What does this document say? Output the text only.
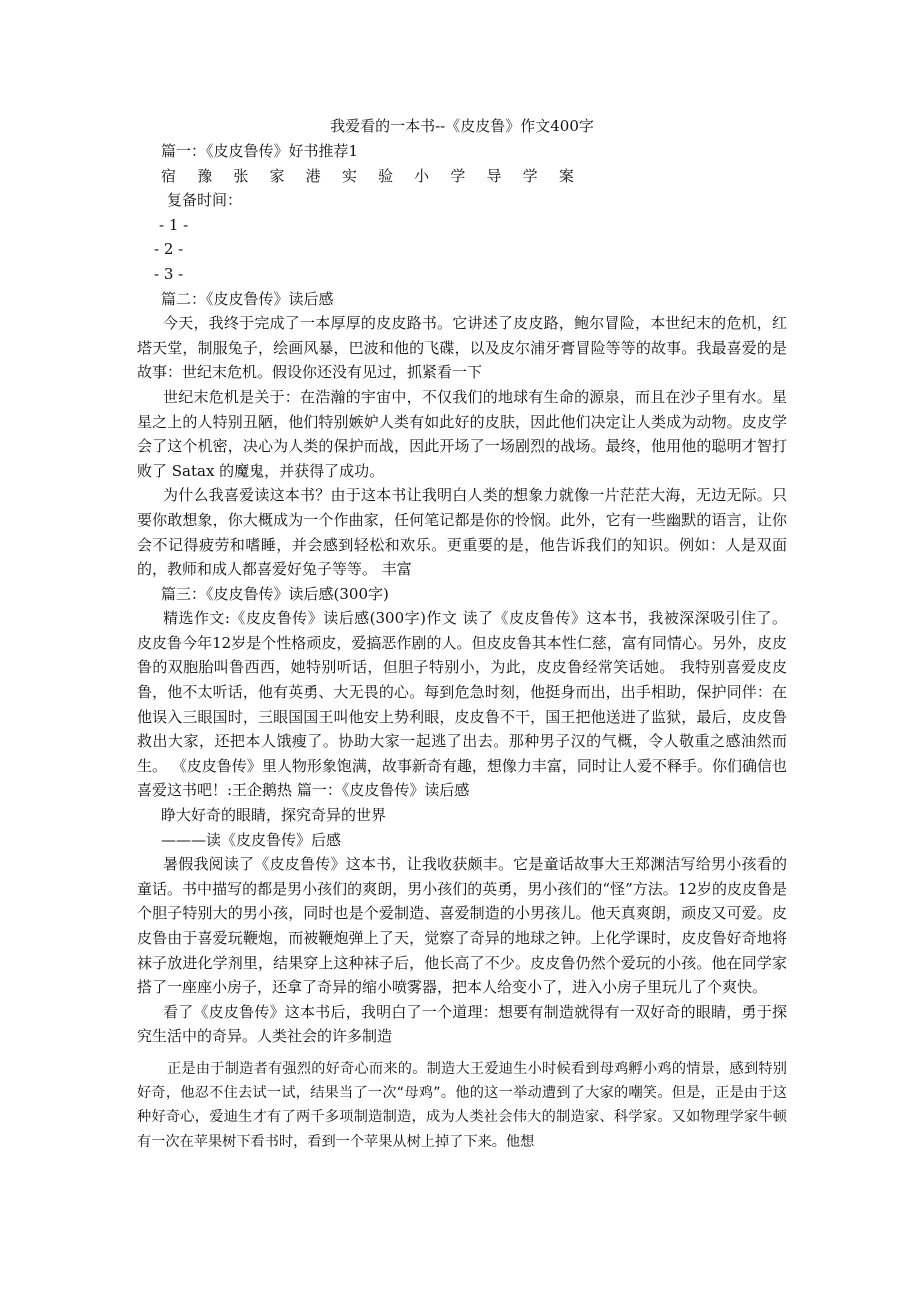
我爱看的一本书--《皮皮鲁》作文400字

篇一：《皮皮鲁传》好书推荐1

宿 豫 张 家 港 实 验 小 学 导 学 案

复备时间：

- 1 -

- 2 -

- 3 -

篇二：《皮皮鲁传》读后感

今天，我终于完成了一本厚厚的皮皮路书。它讲述了皮皮路，鲍尔冒险，本世纪末的危机，红塔天堂，制服兔子，绘画风暴，巴波和他的飞碟，以及皮尔浦牙膏冒险等等的故事。我最喜爱的是故事：世纪末危机。假设你还没有见过，抓紧看一下

世纪末危机是关于：在浩瀚的宇宙中，不仅我们的地球有生命的源泉，而且在沙子里有水。星星之上的人特别丑陋，他们特别嫉妒人类有如此好的皮肤，因此他们决定让人类成为动物。皮皮学会了这个机密，决心为人类的保护而战，因此开场了一场剧烈的战场。最终，他用他的聪明才智打败了 Satax 的魔鬼，并获得了成功。

为什么我喜爱读这本书？由于这本书让我明白人类的想象力就像一片茫茫大海，无边无际。只要你敢想象，你大概成为一个作曲家，任何笔记都是你的怜悯。此外，它有一些幽默的语言，让你会不记得疲劳和嗜睡，并会感到轻松和欢乐。更重要的是，他告诉我们的知识。例如：人是双面的，教师和成人都喜爱好兔子等等。 丰富

篇三：《皮皮鲁传》读后感(300字)

精选作文:《皮皮鲁传》读后感(300字)作文 读了《皮皮鲁传》这本书，我被深深吸引住了。 皮皮鲁今年12岁是个性格顽皮，爱搞恶作剧的人。但皮皮鲁其本性仁慈，富有同情心。另外，皮皮鲁的双胞胎叫鲁西西，她特别听话，但胆子特别小，为此，皮皮鲁经常笑话她。 我特别喜爱皮皮鲁，他不太听话，他有英勇、大无畏的心。每到危急时刻，他挺身而出，出手相助，保护同伴：在他误入三眼国时，三眼国国王叫他安上势利眼，皮皮鲁不干，国王把他送进了监狱，最后，皮皮鲁救出大家，还把本人饿瘦了。协助大家一起逃了出去。那种男子汉的气概，令人敬重之感油然而生。 《皮皮鲁传》里人物形象饱满，故事新奇有趣，想像力丰富，同时让人爱不释手。你们确信也喜爱这书吧！:王企鹅热 篇一：《皮皮鲁传》读后感

睁大好奇的眼睛，探究奇异的世界

———读《皮皮鲁传》后感

暑假我阅读了《皮皮鲁传》这本书，让我收获颇丰。它是童话故事大王郑渊洁写给男小孩看的童话。书中描写的都是男小孩们的爽朗，男小孩们的英勇，男小孩们的“怪”方法。12岁的皮皮鲁是个胆子特别大的男小孩，同时也是个爱制造、喜爱制造的小男孩儿。他天真爽朗，顽皮又可爱。皮皮鲁由于喜爱玩鞭炮，而被鞭炮弹上了天，觉察了奇异的地球之钟。上化学课时，皮皮鲁好奇地将袜子放进化学剂里，结果穿上这种袜子后，他长高了不少。皮皮鲁仍然个爱玩的小孩。他在同学家搭了一座座小房子，还拿了奇异的缩小喷雾器，把本人给变小了，进入小房子里玩儿了个爽快。

看了《皮皮鲁传》这本书后，我明白了一个道理：想要有制造就得有一双好奇的眼睛，勇于探究生活中的奇异。人类社会的许多制造

正是由于制造者有强烈的好奇心而来的。制造大王爱迪生小时候看到母鸡孵小鸡的情景，感到特别好奇，他忍不住去试一试，结果当了一次“母鸡”。他的这一举动遭到了大家的嘲笑。但是，正是由于这种好奇心，爱迪生才有了两千多项制造制造，成为人类社会伟大的制造家、科学家。又如物理学家牛顿有一次在苹果树下看书时，看到一个苹果从树上掉了下来。他想
